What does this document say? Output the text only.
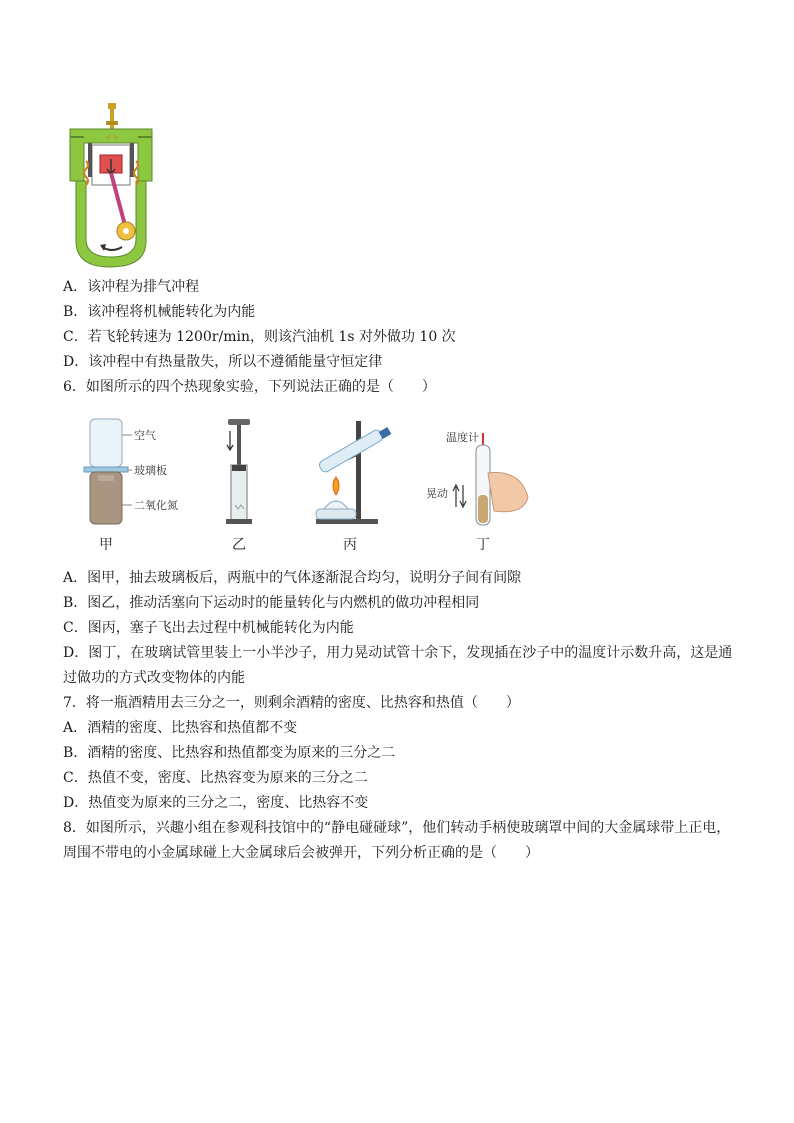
A．该冲程为排气冲程
B．该冲程将机械能转化为内能
C．若飞轮转速为 1200r/min，则该汽油机 1s 对外做功 10 次
D．该冲程中有热量散失，所以不遵循能量守恒定律
6．如图所示的四个热现象实验，下列说法正确的是（　　）
空气
玻璃板
二氧化氮
甲	乙	丙
温度计
晃动
丁
A．图甲，抽去玻璃板后，两瓶中的气体逐渐混合均匀，说明分子间有间隙
B．图乙，推动活塞向下运动时的能量转化与内燃机的做功冲程相同
C．图丙，塞子飞出去过程中机械能转化为内能
D．图丁，在玻璃试管里装上一小半沙子，用力晃动试管十余下，发现插在沙子中的温度计示数升高，这是通
过做功的方式改变物体的内能
7．将一瓶酒精用去三分之一，则剩余酒精的密度、比热容和热值（　　）
A．酒精的密度、比热容和热值都不变
B．酒精的密度、比热容和热值都变为原来的三分之二
C．热值不变，密度、比热容变为原来的三分之二
D．热值变为原来的三分之二，密度、比热容不变
8．如图所示，兴趣小组在参观科技馆中的“静电碰碰球”，他们转动手柄使玻璃罩中间的大金属球带上正电，
周围不带电的小金属球碰上大金属球后会被弹开，下列分析正确的是（　　）
